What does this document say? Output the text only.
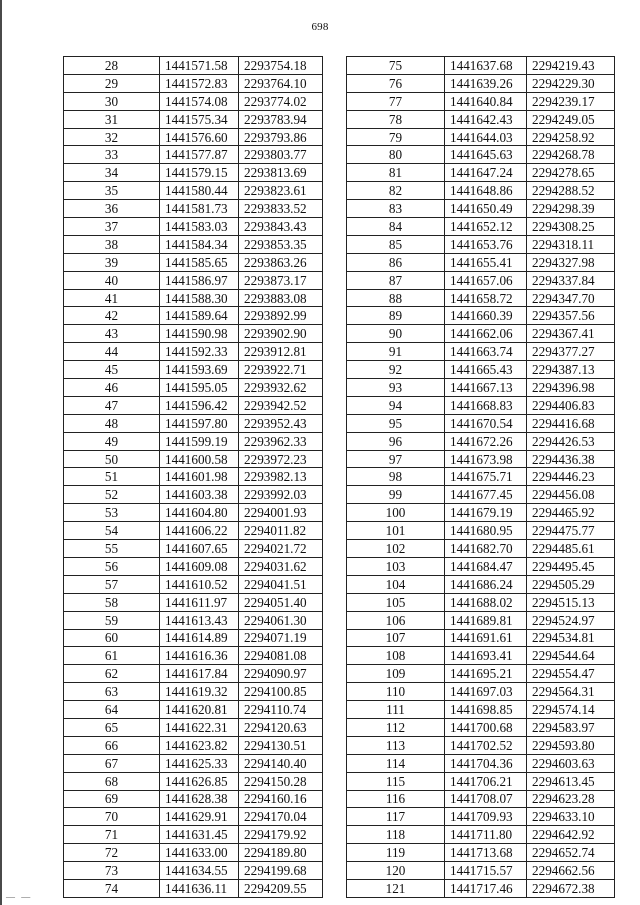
698
28	1441571.58	2293754.18
29	1441572.83	2293764.10
30	1441574.08	2293774.02
31	1441575.34	2293783.94
32	1441576.60	2293793.86
33	1441577.87	2293803.77
34	1441579.15	2293813.69
35	1441580.44	2293823.61
36	1441581.73	2293833.52
37	1441583.03	2293843.43
38	1441584.34	2293853.35
39	1441585.65	2293863.26
40	1441586.97	2293873.17
41	1441588.30	2293883.08
42	1441589.64	2293892.99
43	1441590.98	2293902.90
44	1441592.33	2293912.81
45	1441593.69	2293922.71
46	1441595.05	2293932.62
47	1441596.42	2293942.52
48	1441597.80	2293952.43
49	1441599.19	2293962.33
50	1441600.58	2293972.23
51	1441601.98	2293982.13
52	1441603.38	2293992.03
53	1441604.80	2294001.93
54	1441606.22	2294011.82
55	1441607.65	2294021.72
56	1441609.08	2294031.62
57	1441610.52	2294041.51
58	1441611.97	2294051.40
59	1441613.43	2294061.30
60	1441614.89	2294071.19
61	1441616.36	2294081.08
62	1441617.84	2294090.97
63	1441619.32	2294100.85
64	1441620.81	2294110.74
65	1441622.31	2294120.63
66	1441623.82	2294130.51
67	1441625.33	2294140.40
68	1441626.85	2294150.28
69	1441628.38	2294160.16
70	1441629.91	2294170.04
71	1441631.45	2294179.92
72	1441633.00	2294189.80
73	1441634.55	2294199.68
74	1441636.11	2294209.55
75	1441637.68	2294219.43
76	1441639.26	2294229.30
77	1441640.84	2294239.17
78	1441642.43	2294249.05
79	1441644.03	2294258.92
80	1441645.63	2294268.78
81	1441647.24	2294278.65
82	1441648.86	2294288.52
83	1441650.49	2294298.39
84	1441652.12	2294308.25
85	1441653.76	2294318.11
86	1441655.41	2294327.98
87	1441657.06	2294337.84
88	1441658.72	2294347.70
89	1441660.39	2294357.56
90	1441662.06	2294367.41
91	1441663.74	2294377.27
92	1441665.43	2294387.13
93	1441667.13	2294396.98
94	1441668.83	2294406.83
95	1441670.54	2294416.68
96	1441672.26	2294426.53
97	1441673.98	2294436.38
98	1441675.71	2294446.23
99	1441677.45	2294456.08
100	1441679.19	2294465.92
101	1441680.95	2294475.77
102	1441682.70	2294485.61
103	1441684.47	2294495.45
104	1441686.24	2294505.29
105	1441688.02	2294515.13
106	1441689.81	2294524.97
107	1441691.61	2294534.81
108	1441693.41	2294544.64
109	1441695.21	2294554.47
110	1441697.03	2294564.31
111	1441698.85	2294574.14
112	1441700.68	2294583.97
113	1441702.52	2294593.80
114	1441704.36	2294603.63
115	1441706.21	2294613.45
116	1441708.07	2294623.28
117	1441709.93	2294633.10
118	1441711.80	2294642.92
119	1441713.68	2294652.74
120	1441715.57	2294662.56
121	1441717.46	2294672.38
— —
